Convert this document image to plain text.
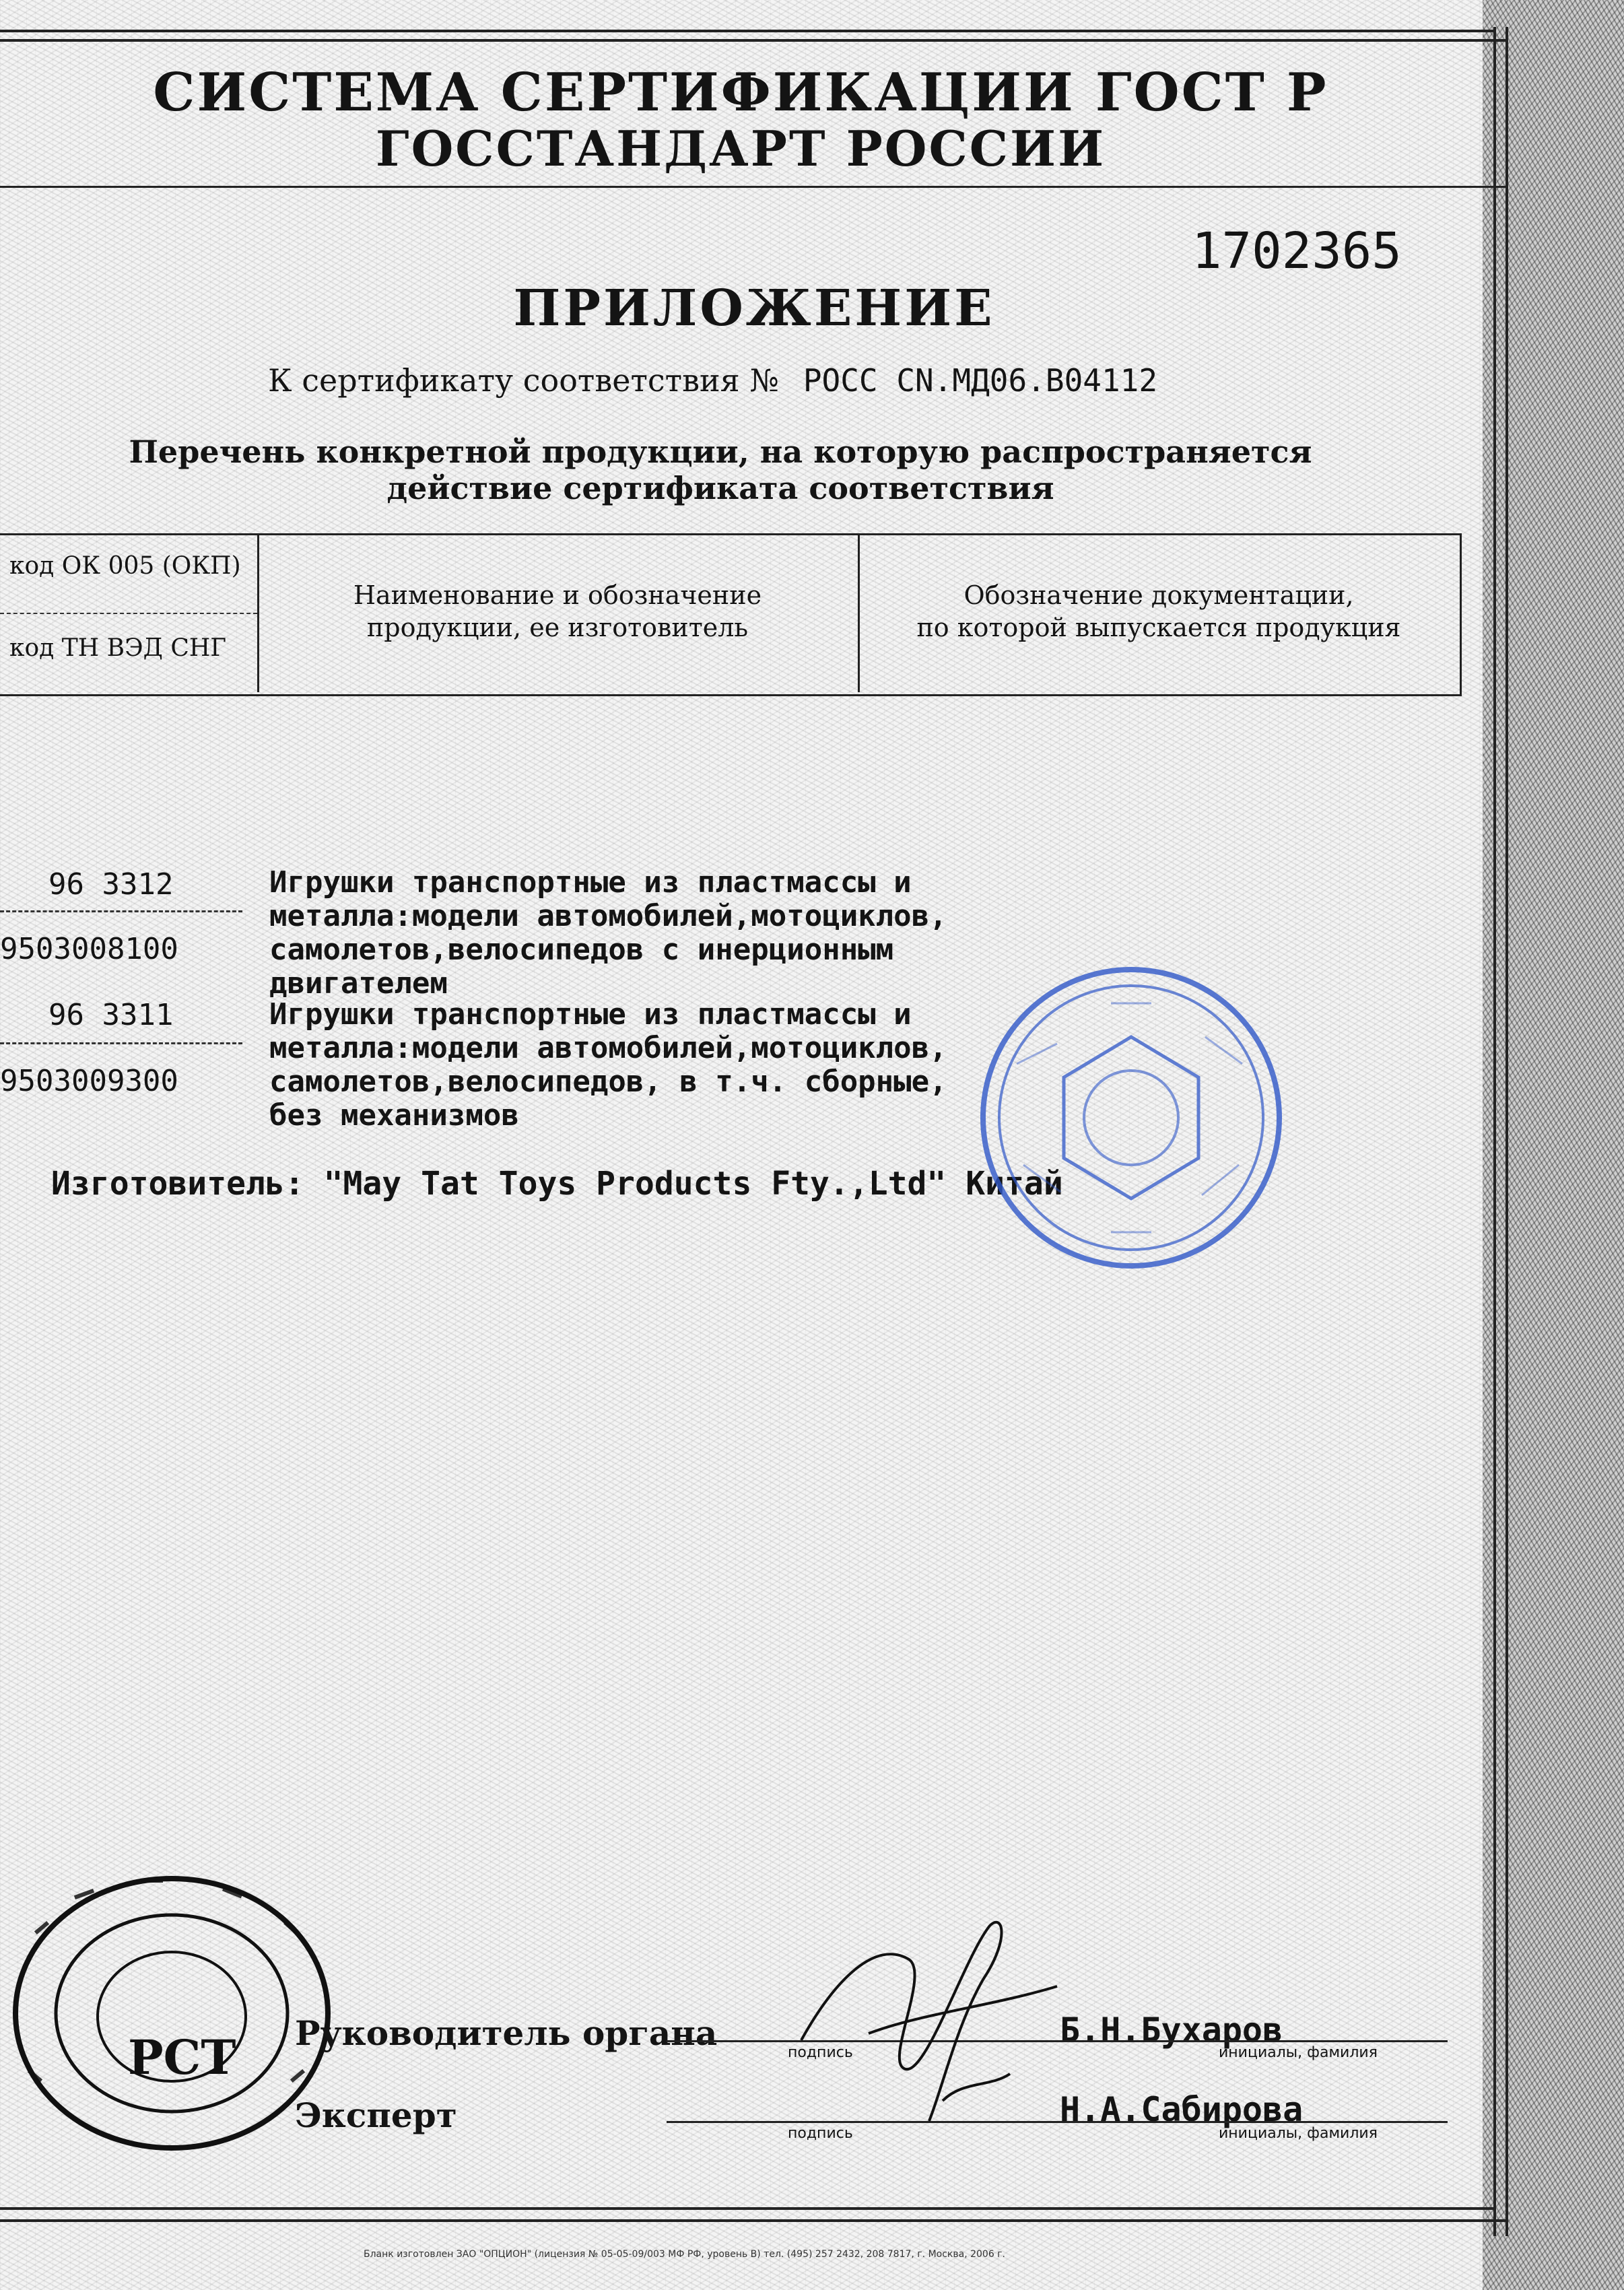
СИСТЕМА СЕРТИФИКАЦИИ ГОСТ Р
ГОССТАНДАРТ РОССИИ
1702365
ПРИЛОЖЕНИЕ
К сертификату соответствия № РОСС CN.МД06.В04112
Перечень конкретной продукции, на которую распространяется
действие сертификата соответствия
код ОК 005 (ОКП)
код ТН ВЭД СНГ
Наименование и обозначение
продукции, ее изготовитель
Обозначение документации,
по которой выпускается продукция
96 3312
9503008100
Игрушки транспортные из пластмассы и
металла:модели автомобилей,мотоциклов,
самолетов,велосипедов с инерционным
двигателем
96 3311
9503009300
Игрушки транспортные из пластмассы и
металла:модели автомобилей,мотоциклов,
самолетов,велосипедов, в т.ч. сборные,
без механизмов
Изготовитель: "May Tat Toys Products Fty.,Ltd" Китай
PCT Руководитель органа	подпись
Б.Н.Бухаров
инициалы, фамилия
Эксперт	подпись
Н.А.Сабирова
инициалы, фамилия
Бланк изготовлен ЗАО "ОПЦИОН" (лицензия № 05-05-09/003 МФ РФ, уровень В) тел. (495) 257 2432, 208 7817, г. Москва, 2006 г.
